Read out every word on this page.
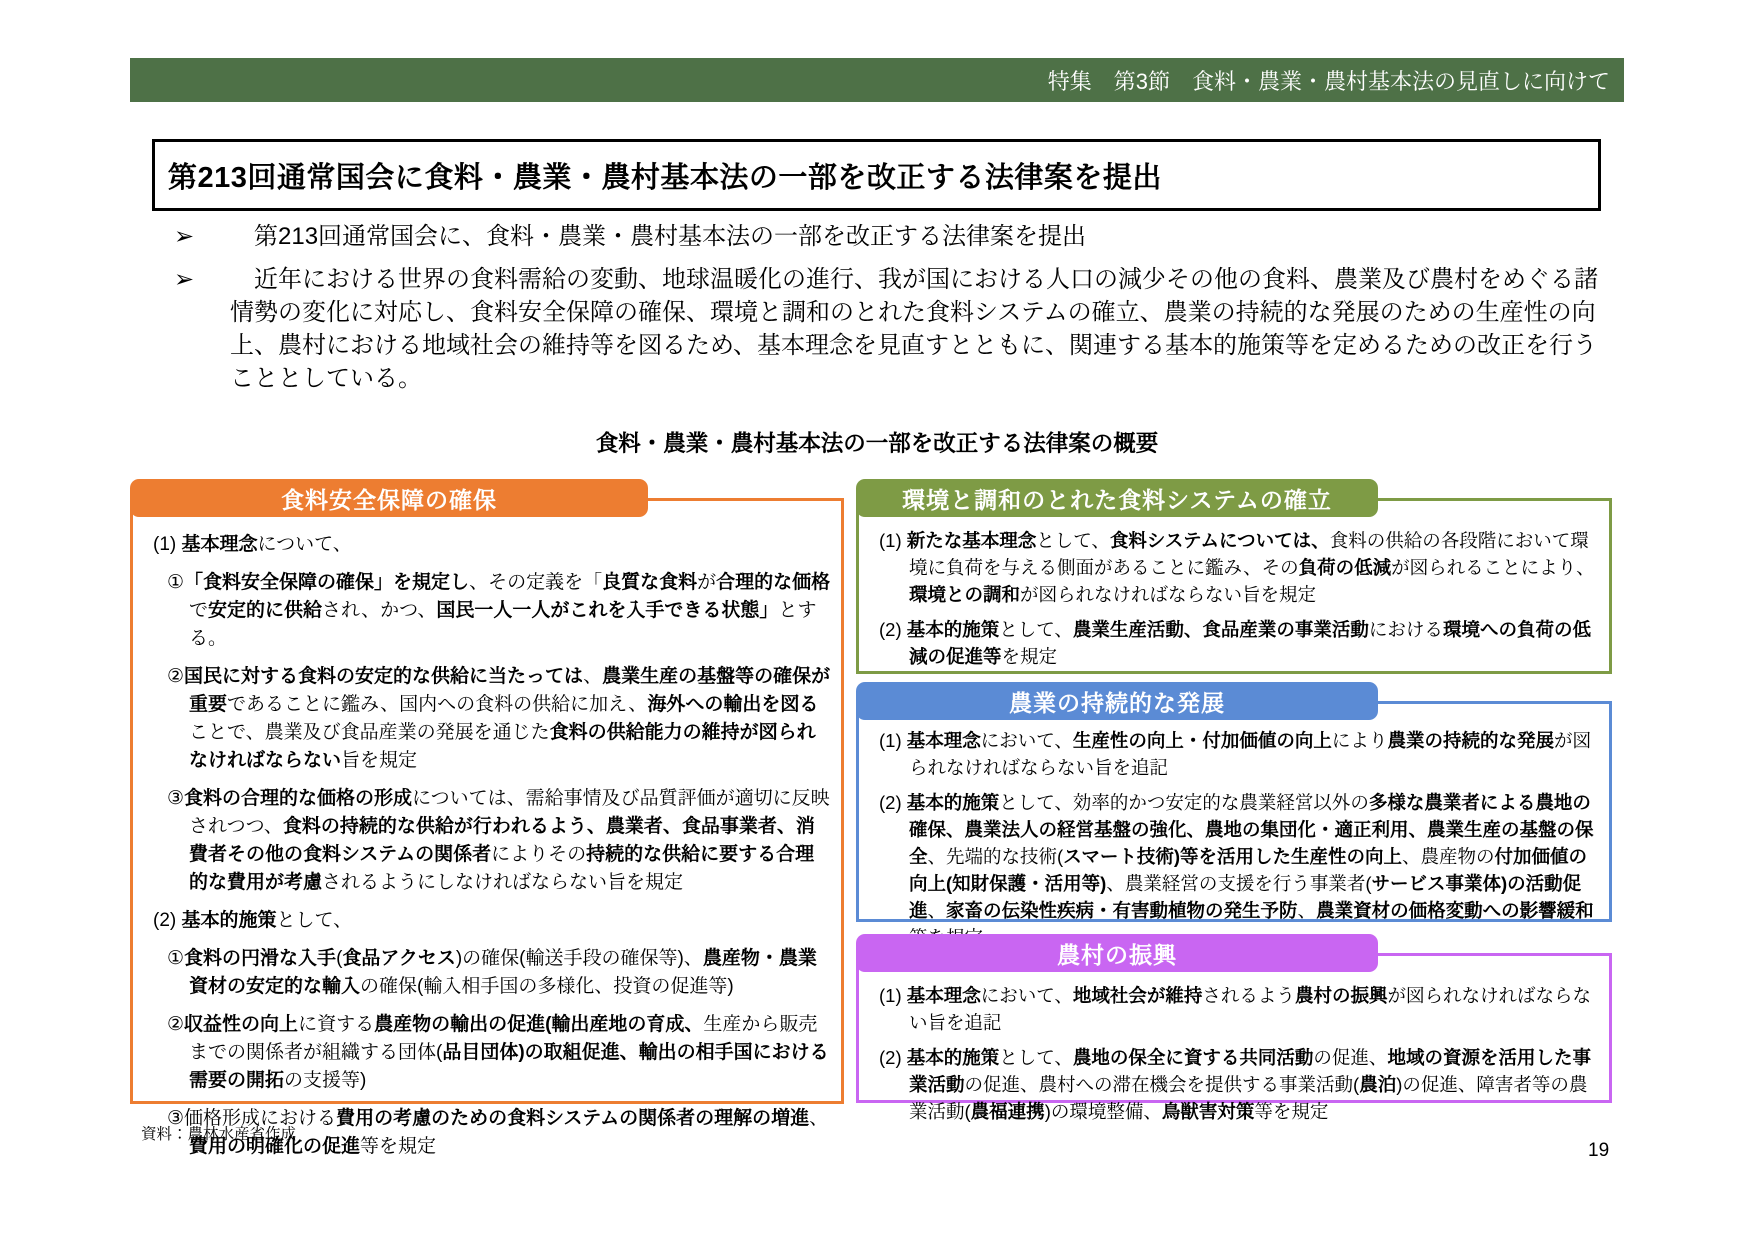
特集　第3節　食料・農業・農村基本法の見直しに向けて
第213回通常国会に食料・農業・農村基本法の一部を改正する法律案を提出
➢	第213回通常国会に、食料・農業・農村基本法の一部を改正する法律案を提出
➢	近年における世界の食料需給の変動、地球温暖化の進行、我が国における人口の減少その他の食料、農業及び農村をめぐる諸情勢の変化に対応し、食料安全保障の確保、環境と調和のとれた食料システムの確立、農業の持続的な発展のための生産性の向上、農村における地域社会の維持等を図るため、基本理念を見直すとともに、関連する基本的施策等を定めるための改正を行うこととしている。
食料・農業・農村基本法の一部を改正する法律案の概要
食料安全保障の確保

(1) 基本理念について、

①「食料安全保障の確保」を規定し、その定義を「良質な食料が合理的な価格で安定的に供給され、かつ、国民一人一人がこれを入手できる状態」とする。

②国民に対する食料の安定的な供給に当たっては、農業生産の基盤等の確保が重要であることに鑑み、国内への食料の供給に加え、海外への輸出を図ることで、農業及び食品産業の発展を通じた食料の供給能力の維持が図られなければならない旨を規定

③食料の合理的な価格の形成については、需給事情及び品質評価が適切に反映されつつ、食料の持続的な供給が行われるよう、農業者、食品事業者、消費者その他の食料システムの関係者によりその持続的な供給に要する合理的な費用が考慮されるようにしなければならない旨を規定

(2) 基本的施策として、

①食料の円滑な入手(食品アクセス)の確保(輸送手段の確保等)、農産物・農業資材の安定的な輸入の確保(輸入相手国の多様化、投資の促進等)

②収益性の向上に資する農産物の輸出の促進(輸出産地の育成、生産から販売までの関係者が組織する団体(品目団体)の取組促進、輸出の相手国における需要の開拓の支援等)

③価格形成における費用の考慮のための食料システムの関係者の理解の増進、費用の明確化の促進等を規定

環境と調和のとれた食料システムの確立

(1) 新たな基本理念として、食料システムについては、食料の供給の各段階において環境に負荷を与える側面があることに鑑み、その負荷の低減が図られることにより、環境との調和が図られなければならない旨を規定

(2) 基本的施策として、農業生産活動、食品産業の事業活動における環境への負荷の低減の促進等を規定

農業の持続的な発展

(1) 基本理念において、生産性の向上・付加価値の向上により農業の持続的な発展が図られなければならない旨を追記

(2) 基本的施策として、効率的かつ安定的な農業経営以外の多様な農業者による農地の確保、農業法人の経営基盤の強化、農地の集団化・適正利用、農業生産の基盤の保全、先端的な技術(スマート技術)等を活用した生産性の向上、農産物の付加価値の向上(知財保護・活用等)、農業経営の支援を行う事業者(サービス事業体)の活動促進、家畜の伝染性疾病・有害動植物の発生予防、農業資材の価格変動への影響緩和

農村の振興

(1) 基本理念において、地域社会が維持されるよう農村の振興が図られなければならない旨を追記

(2) 基本的施策として、農地の保全に資する共同活動の促進、地域の資源を活用した事業活動の促進、農村への滞在機会を提供する事業活動(農泊)の促進、障害者等の農業活動(農福連携)の環境整備、鳥獣害対策等を規定

資料：農林水産省作成
19
